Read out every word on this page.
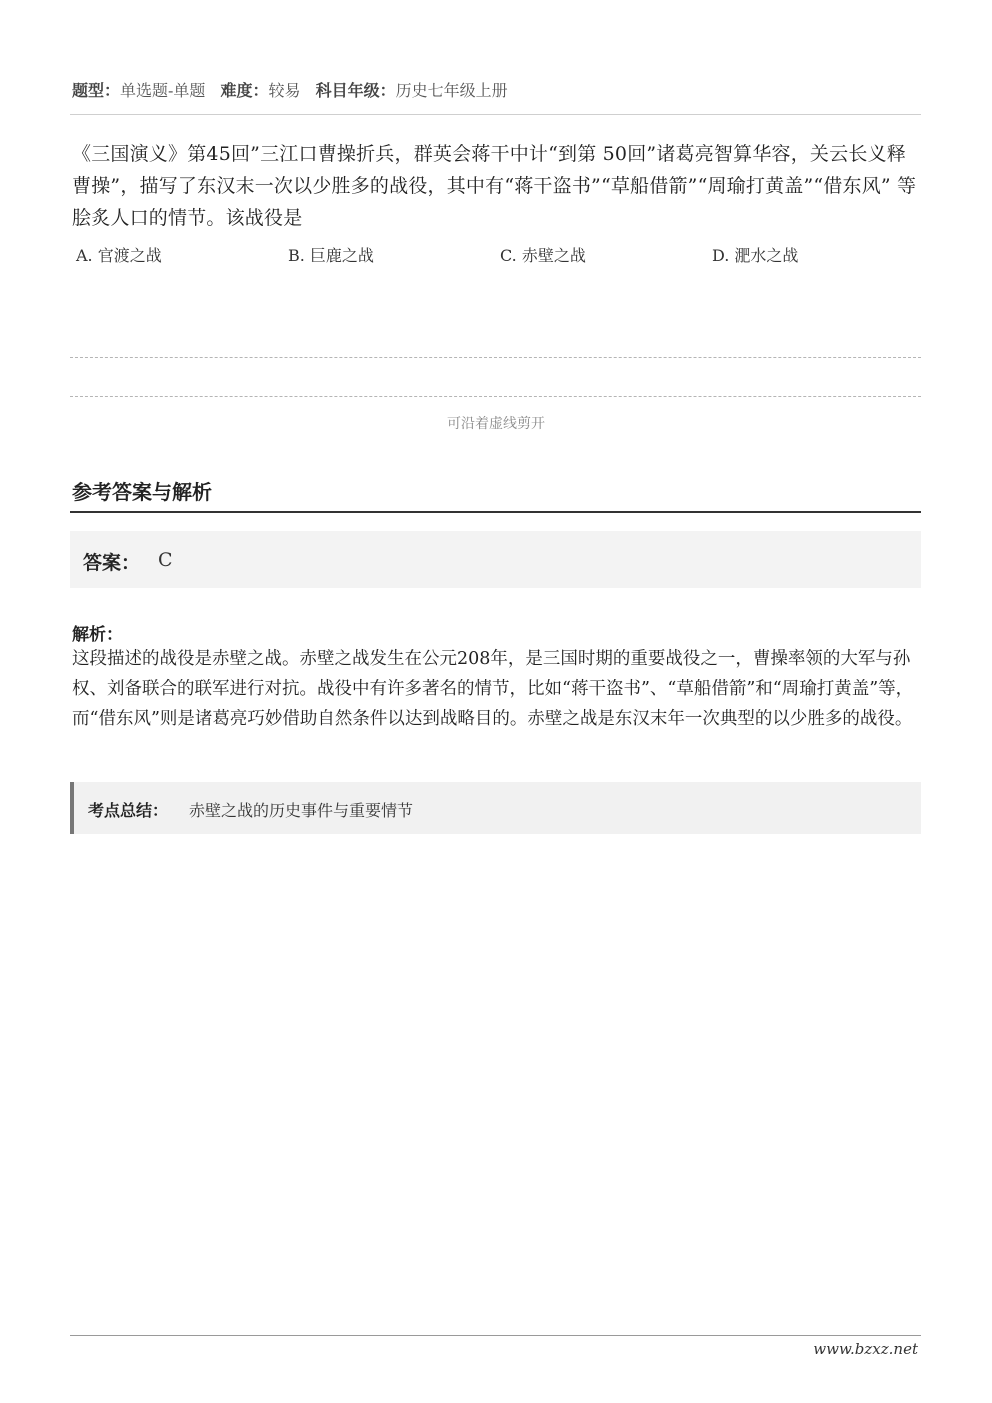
题型：单选题-单题 难度：较易 科目年级：历史七年级上册
《三国演义》第45回”三江口曹操折兵，群英会蒋干中计“到第 50回”诸葛亮智算华容，关云长义释曹操”，描写了东汉末一次以少胜多的战役，其中有“蒋干盗书”“草船借箭”“周瑜打黄盖”“借东风” 等脍炙人口的情节。该战役是
A. 官渡之战	B. 巨鹿之战	C. 赤壁之战	D. 淝水之战
可沿着虚线剪开
参考答案与解析
答案： C
解析：
这段描述的战役是赤壁之战。赤壁之战发生在公元208年，是三国时期的重要战役之一，曹操率领的大军与孙权、刘备联合的联军进行对抗。战役中有许多著名的情节，比如“蒋干盗书”、“草船借箭”和“周瑜打黄盖”等，而“借东风”则是诸葛亮巧妙借助自然条件以达到战略目的。赤壁之战是东汉末年一次典型的以少胜多的战役。
考点总结： 赤壁之战的历史事件与重要情节
www.bzxz.net
